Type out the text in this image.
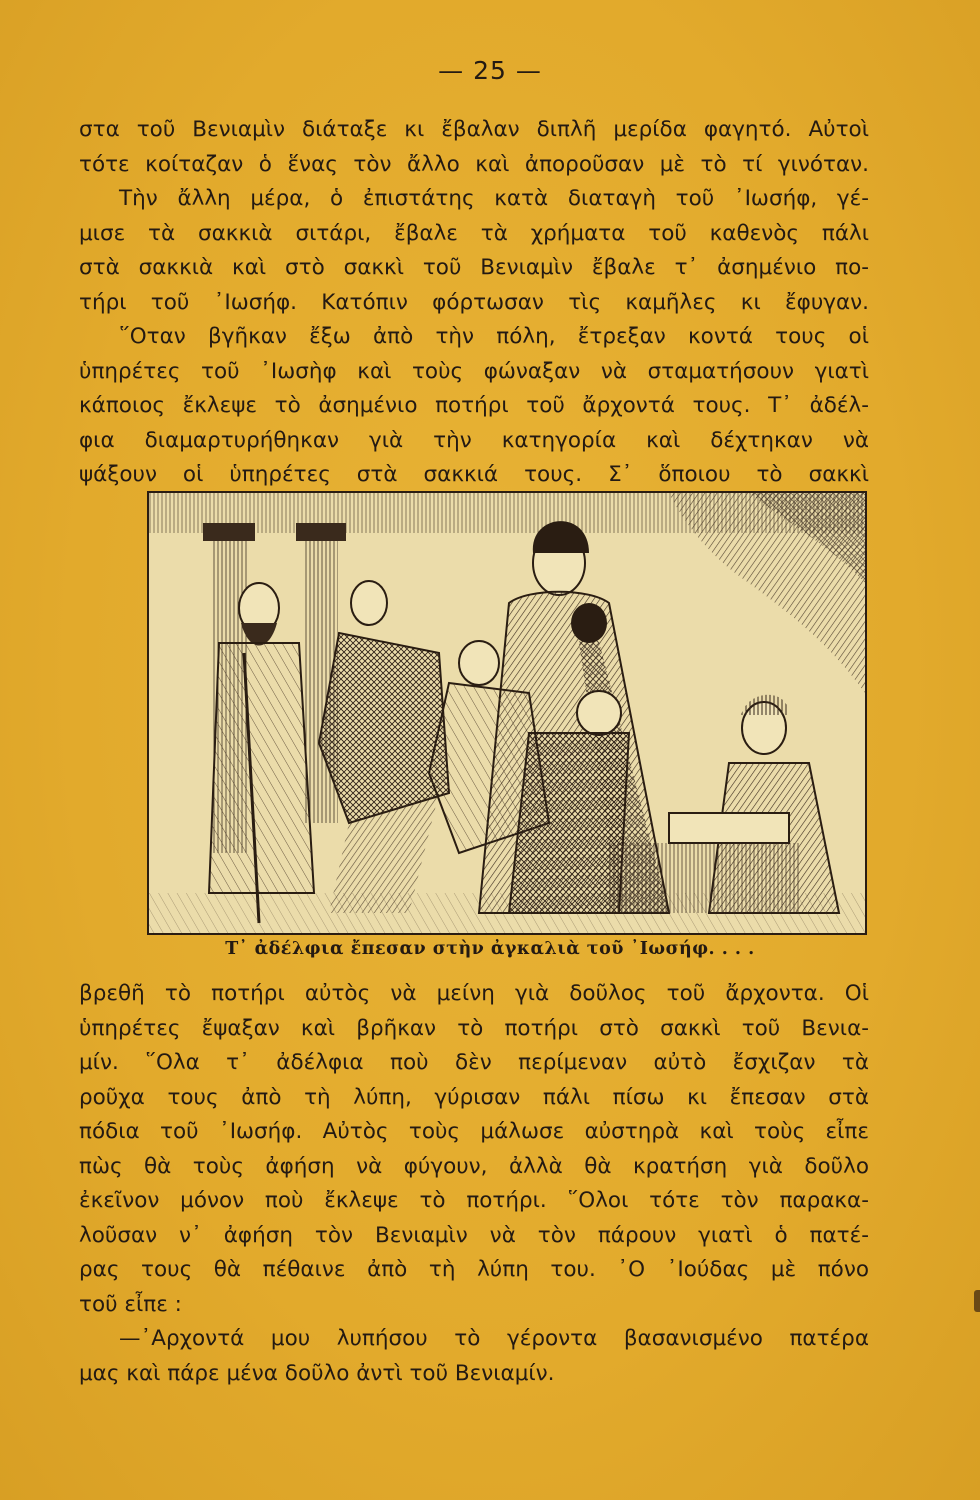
— 25 —
στα τοῦ Βενιαμὶν διάταξε κι ἔβαλαν διπλῆ μερίδα φαγητό. Αὐτοὶ
τότε κοίταζαν ὁ ἕνας τὸν ἄλλο καὶ ἀποροῦσαν μὲ τὸ τί γινόταν.
Τὴν ἄλλη μέρα, ὁ ἐπιστάτης κατὰ διαταγὴ τοῦ ᾿Ιωσήφ, γέ-
μισε τὰ σακκιὰ σιτάρι, ἔβαλε τὰ χρήματα τοῦ καθενὸς πάλι
στὰ σακκιὰ καὶ στὸ σακκὶ τοῦ Βενιαμὶν ἔβαλε τ᾿ ἀσημένιο πο-
τήρι τοῦ ᾿Ιωσήφ. Κατόπιν φόρτωσαν τὶς καμῆλες κι ἔφυγαν.
῞Οταν βγῆκαν ἔξω ἀπὸ τὴν πόλη, ἔτρεξαν κοντά τους οἱ
ὑπηρέτες τοῦ ᾿Ιωσὴφ καὶ τοὺς φώναξαν νὰ σταματήσουν γιατὶ
κάποιος ἔκλεψε τὸ ἀσημένιο ποτήρι τοῦ ἄρχοντά τους. Τ᾿ ἀδέλ-
φια διαμαρτυρήθηκαν γιὰ τὴν κατηγορία καὶ δέχτηκαν νὰ
ψάξουν οἱ ὑπηρέτες στὰ σακκιά τους. Σ᾿ ὅποιου τὸ σακκὶ
Τ᾿ ἀδέλφια ἔπεσαν στὴν ἀγκαλιὰ τοῦ ᾿Ιωσήφ. . . .
βρεθῆ τὸ ποτήρι αὐτὸς νὰ μείνη γιὰ δοῦλος τοῦ ἄρχοντα. Οἱ
ὑπηρέτες ἔψαξαν καὶ βρῆκαν τὸ ποτήρι στὸ σακκὶ τοῦ Βενια-
μίν. ῞Ολα τ᾿ ἀδέλφια ποὺ δὲν περίμεναν αὐτὸ ἔσχιζαν τὰ
ροῦχα τους ἀπὸ τὴ λύπη, γύρισαν πάλι πίσω κι ἔπεσαν στὰ
πόδια τοῦ ᾿Ιωσήφ. Αὐτὸς τοὺς μάλωσε αὐστηρὰ καὶ τοὺς εἶπε
πὼς θὰ τοὺς ἀφήση νὰ φύγουν, ἀλλὰ θὰ κρατήση γιὰ δοῦλο
ἐκεῖνον μόνον ποὺ ἔκλεψε τὸ ποτήρι. ῞Ολοι τότε τὸν παρακα-
λοῦσαν ν᾿ ἀφήση τὸν Βενιαμὶν νὰ τὸν πάρουν γιατὶ ὁ πατέ-
ρας τους θὰ πέθαινε ἀπὸ τὴ λύπη του. ᾿Ο ᾿Ιούδας μὲ πόνο
τοῦ εἶπε :
—᾿Αρχοντά μου λυπήσου τὸ γέροντα βασανισμένο πατέρα
μας καὶ πάρε μένα δοῦλο ἀντὶ τοῦ Βενιαμίν.
